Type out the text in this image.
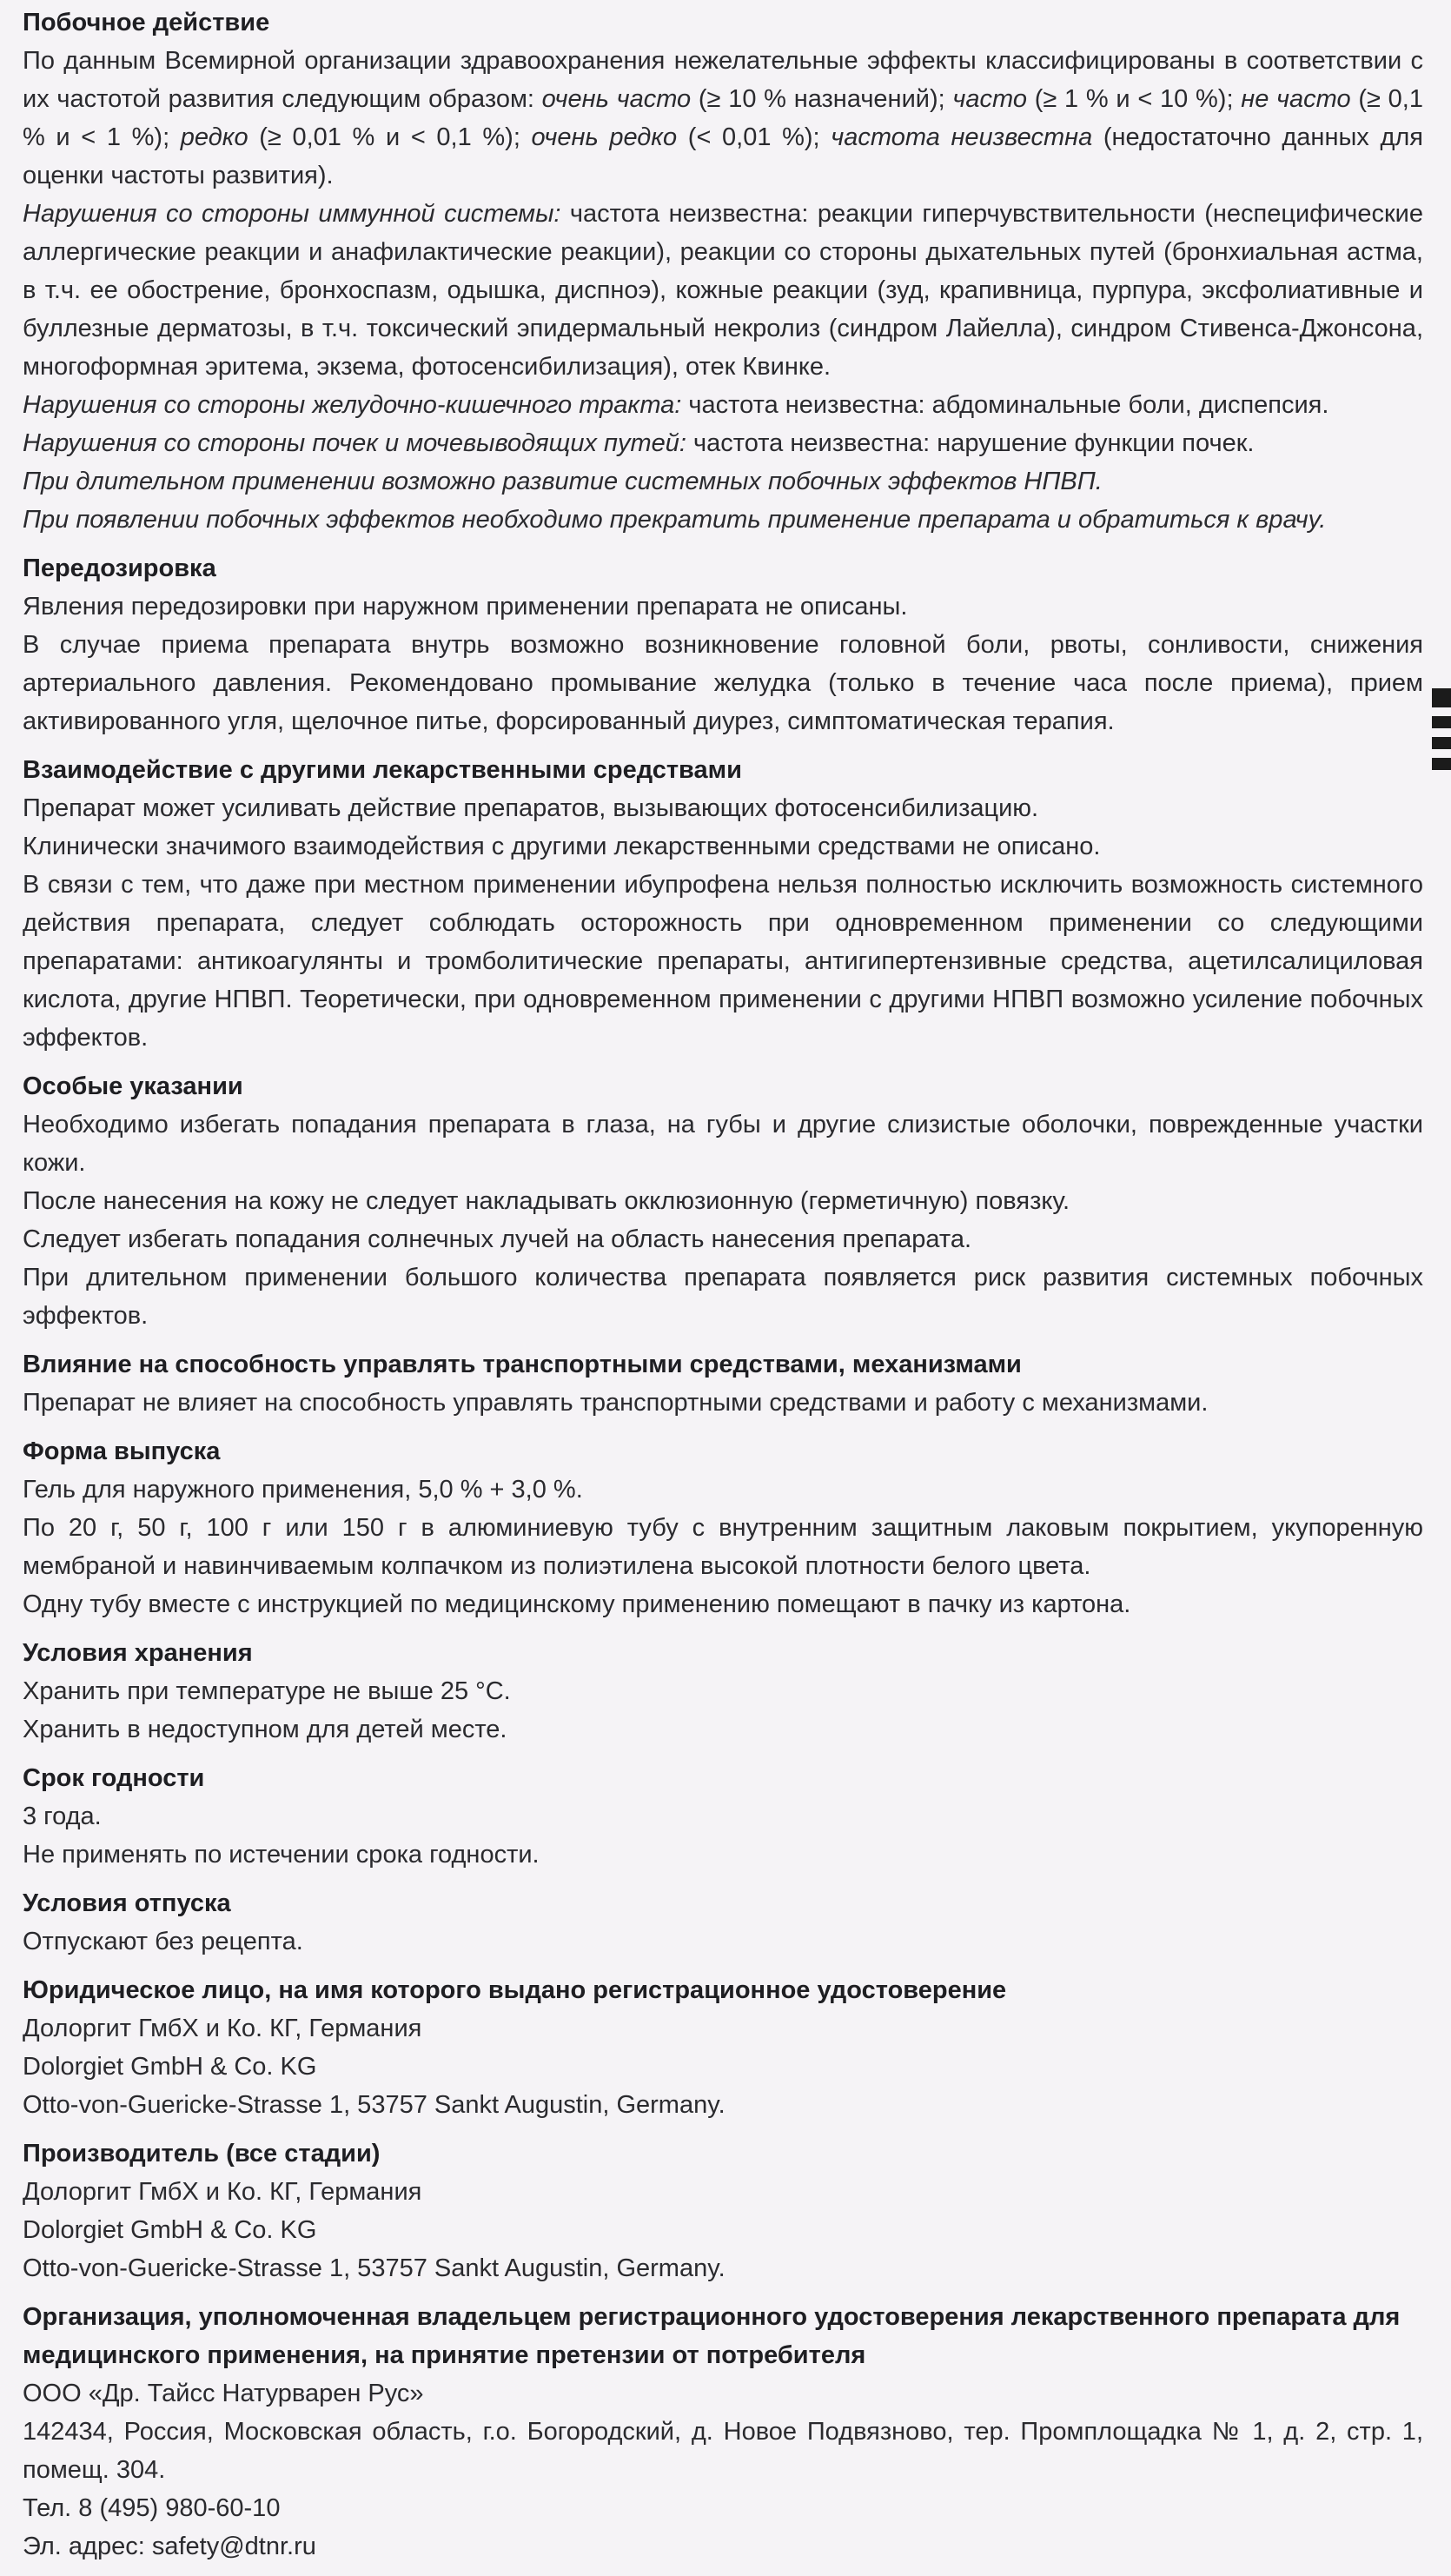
Побочное действие

По данным Всемирной организации здравоохранения нежелательные эффекты классифицированы в соответствии с их частотой развития следующим образом: очень часто (≥ 10 % назначений); часто (≥ 1 % и < 10 %); не часто (≥ 0,1 % и < 1 %); редко (≥ 0,01 % и < 0,1 %); очень редко (< 0,01 %); частота неизвестна (недостаточно данных для оценки частоты развития).

Нарушения со стороны иммунной системы: частота неизвестна: реакции гиперчувствительности (неспецифические аллергические реакции и анафилактические реакции), реакции со стороны дыхательных путей (бронхиальная астма, в т.ч. ее обострение, бронхоспазм, одышка, диспноэ), кожные реакции (зуд, крапивница, пурпура, эксфолиативные и буллезные дерматозы, в т.ч. токсический эпидермальный некролиз (синдром Лайелла), синдром Стивенса-Джонсона, многоформная эритема, экзема, фотосенсибилизация), отек Квинке.

Нарушения со стороны желудочно-кишечного тракта: частота неизвестна: абдоминальные боли, диспепсия.

Нарушения со стороны почек и мочевыводящих путей: частота неизвестна: нарушение функции почек.

При длительном применении возможно развитие системных побочных эффектов НПВП.

При появлении побочных эффектов необходимо прекратить применение препарата и обратиться к врачу.

Передозировка

Явления передозировки при наружном применении препарата не описаны.

В случае приема препарата внутрь возможно возникновение головной боли, рвоты, сонливости, снижения артериального давления. Рекомендовано промывание желудка (только в течение часа после приема), прием активированного угля, щелочное питье, форсированный диурез, симптоматическая терапия.

Взаимодействие с другими лекарственными средствами

Препарат может усиливать действие препаратов, вызывающих фотосенсибилизацию.

Клинически значимого взаимодействия с другими лекарственными средствами не описано.

В связи с тем, что даже при местном применении ибупрофена нельзя полностью исключить возможность системного действия препарата, следует соблюдать осторожность при одновременном применении со следующими препаратами: антикоагулянты и тромболитические препараты, антигипертензивные средства, ацетилсалициловая кислота, другие НПВП. Теоретически, при одновременном применении с другими НПВП возможно усиление побочных эффектов.

Особые указании

Необходимо избегать попадания препарата в глаза, на губы и другие слизистые оболочки, поврежденные участки кожи.

После нанесения на кожу не следует накладывать окклюзионную (герметичную) повязку.

Следует избегать попадания солнечных лучей на область нанесения препарата.

При длительном применении большого количества препарата появляется риск развития системных побочных эффектов.

Влияние на способность управлять транспортными средствами, механизмами

Препарат не влияет на способность управлять транспортными средствами и работу с механизмами.

Форма выпуска

Гель для наружного применения, 5,0 % + 3,0 %.

По 20 г, 50 г, 100 г или 150 г в алюминиевую тубу с внутренним защитным лаковым покрытием, укупоренную мембраной и навинчиваемым колпачком из полиэтилена высокой плотности белого цвета.

Одну тубу вместе с инструкцией по медицинскому применению помещают в пачку из картона.

Условия хранения

Хранить при температуре не выше 25 °С.

Хранить в недоступном для детей месте.

Срок годности

3 года.

Не применять по истечении срока годности.

Условия отпуска

Отпускают без рецепта.

Юридическое лицо, на имя которого выдано регистрационное удостоверение

Долоргит ГмбХ и Ко. КГ, Германия

Dolorgiet GmbH & Co. KG

Otto-von-Guericke-Strasse 1, 53757 Sankt Augustin, Germany.

Производитель (все стадии)

Долоргит ГмбХ и Ко. КГ, Германия

Dolorgiet GmbH & Co. KG

Otto-von-Guericke-Strasse 1, 53757 Sankt Augustin, Germany.

Организация, уполномоченная владельцем регистрационного удостоверения лекарственного препарата для медицинского применения, на принятие претензии от потребителя

ООО «Др. Тайсс Натурварен Рус»

142434, Россия, Московская область, г.о. Богородский, д. Новое Подвязново, тер. Промплощадка № 1, д. 2, стр. 1, помещ. 304.

Тел. 8 (495) 980-60-10

Эл. адрес: safety@dtnr.ru
